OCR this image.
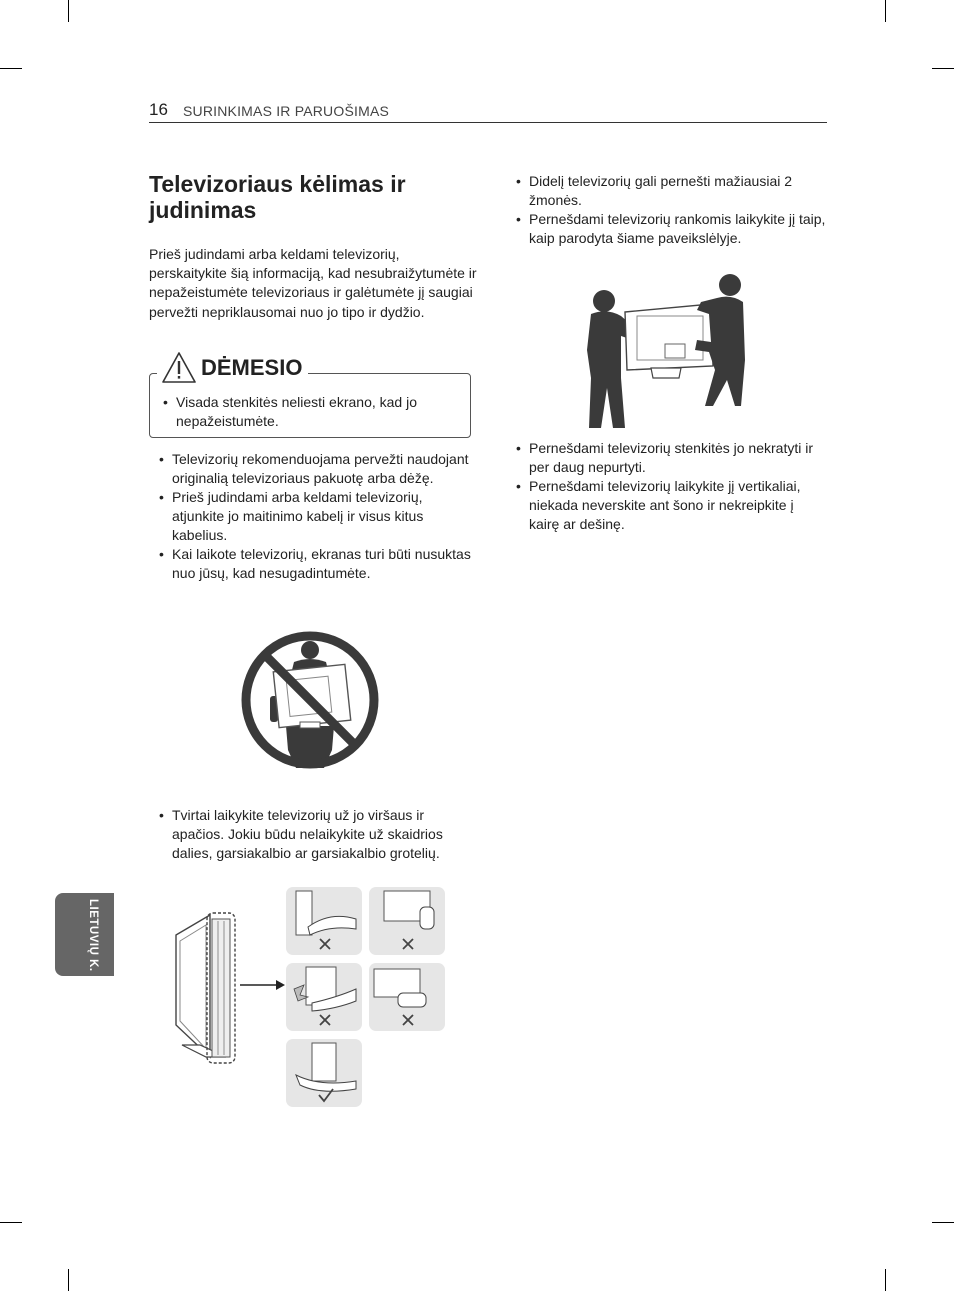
16 SURINKIMAS IR PARUOŠIMAS
Televizoriaus kėlimas ir judinimas

Prieš judindami arba keldami televizorių, perskaitykite šią informaciją, kad nesubraižytumėte ir nepažeistumėte televizoriaus ir galėtumėte jį saugiai pervežti nepriklausomai nuo jo tipo ir dydžio.

DĖMESIO
• Visada stenkitės neliesti ekrano, kad jo nepažeistumėte.
• Televizorių rekomenduojama pervežti naudojant originalią televizoriaus pakuotę arba dėžę.
• Prieš judindami arba keldami televizorių, atjunkite jo maitinimo kabelį ir visus kitus kabelius.
• Kai laikote televizorių, ekranas turi būti nusuktas nuo jūsų, kad nesugadintumėte.
• Tvirtai laikykite televizorių už jo viršaus ir apačios. Jokiu būdu nelaikykite už skaidrios dalies, garsiakalbio ar garsiakalbio grotelių.
• Didelį televizorių gali pernešti mažiausiai 2 žmonės.
• Pernešdami televizorių rankomis laikykite jį taip, kaip parodyta šiame paveikslėlyje.
• Pernešdami televizorių stenkitės jo nekratyti ir per daug nepurtyti.
• Pernešdami televizorių laikykite jį vertikaliai, niekada neverskite ant šono ir nekreipkite į kairę ar dešinę.
LIETUVIŲ K.
